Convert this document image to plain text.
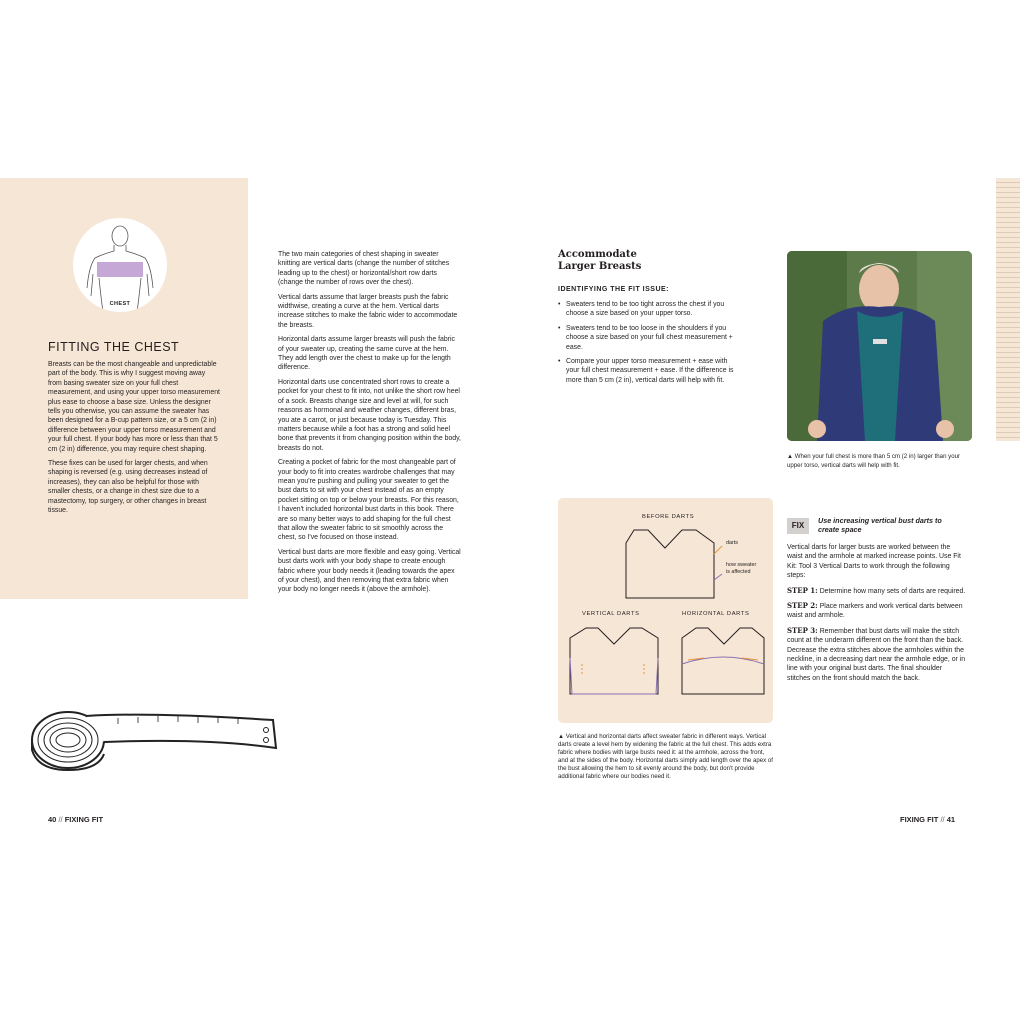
CHEST
FITTING THE CHEST

Breasts can be the most changeable and unpredictable part of the body. This is why I suggest moving away from basing sweater size on your full chest measurement, and using your upper torso measurement plus ease to choose a base size. Unless the designer tells you otherwise, you can assume the sweater has been designed for a B-cup pattern size, or a 5 cm (2 in) difference between your upper torso measurement and your full chest. If your body has more or less than that 5 cm (2 in) difference, you may require chest shaping.

These fixes can be used for larger chests, and when shaping is reversed (e.g. using decreases instead of increases), they can also be helpful for those with smaller chests, or a change in chest size due to a mastectomy, top surgery, or other changes in breast tissue.

The two main categories of chest shaping in sweater knitting are vertical darts (change the number of stitches leading up to the chest) or horizontal/short row darts (change the number of rows over the chest).

Vertical darts assume that larger breasts push the fabric widthwise, creating a curve at the hem. Vertical darts increase stitches to make the fabric wider to accommodate the breasts.

Horizontal darts assume larger breasts will push the fabric of your sweater up, creating the same curve at the hem. They add length over the chest to make up for the length difference.

Horizontal darts use concentrated short rows to create a pocket for your chest to fit into, not unlike the short row heel of a sock. Breasts change size and level at will, for such reasons as hormonal and weather changes, different bras, you ate a carrot, or just because today is Tuesday. This matters because while a foot has a strong and solid heel bone that prevents it from changing position within the body, breasts do not.

Creating a pocket of fabric for the most changeable part of your body to fit into creates wardrobe challenges that may mean you're pushing and pulling your sweater to get the bust darts to sit with your chest instead of as an empty pocket sitting on top or below your breasts. For this reason, I haven't included horizontal bust darts in this book. There are so many better ways to add shaping for the full chest that allow the sweater fabric to sit smoothly across the chest, so I've focused on those instead.

Vertical bust darts are more flexible and easy going. Vertical bust darts work with your body shape to create enough fabric where your body needs it (leading towards the apex of your chest), and then removing that extra fabric when your body no longer needs it (above the armhole).

40 // FIXING FIT
Accommodate
Larger Breasts
IDENTIFYING THE FIT ISSUE:
• Sweaters tend to be too tight across the chest if you choose a size based on your upper torso.
• Sweaters tend to be too loose in the shoulders if you choose a size based on your full chest measurement + ease.
• Compare your upper torso measurement + ease with your full chest measurement + ease. If the difference is more than 5 cm (2 in), vertical darts will help with fit.
▲ When your full chest is more than 5 cm (2 in) larger than your upper torso, vertical darts will help with fit.
BEFORE DARTS
darts
how sweater
is affected
VERTICAL DARTS	HORIZONTAL DARTS
▲ Vertical and horizontal darts affect sweater fabric in different ways. Vertical darts create a level hem by widening the fabric at the full chest. This adds extra fabric where bodies with large busts need it: at the armhole, across the front, and at the sides of the body. Horizontal darts simply add length over the apex of the bust allowing the hem to sit evenly around the body, but don't provide additional fabric where our bodies need it.
FIX
Use increasing vertical bust darts to create space

Vertical darts for larger busts are worked between the waist and the armhole at marked increase points. Use Fit Kit: Tool 3 Vertical Darts to work through the following steps:

STEP 1: Determine how many sets of darts are required.

STEP 2: Place markers and work vertical darts between waist and armhole.

STEP 3: Remember that bust darts will make the stitch count at the underarm different on the front than the back. Decrease the extra stitches above the armholes within the neckline, in a decreasing dart near the armhole edge, or in line with your original bust darts. The final shoulder stitches on the front should match the back.

FIXING FIT // 41
